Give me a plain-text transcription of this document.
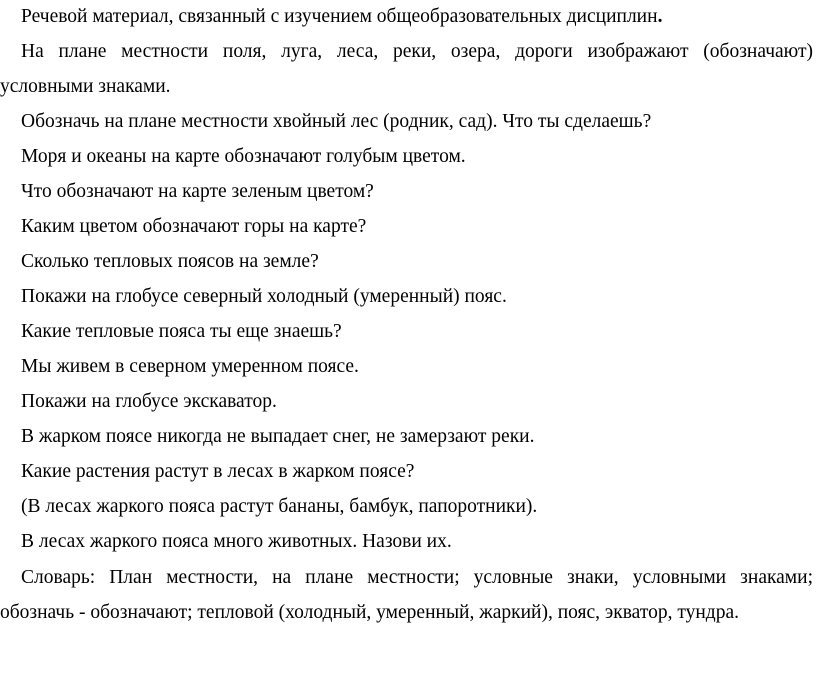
Речевой материал, связанный с изучением общеобразовательных дисциплин.
На плане местности поля, луга, леса, реки, озера, дороги изображают (обозначают)
условными знаками.
Обозначь на плане местности хвойный лес (родник, сад). Что ты сделаешь?
Моря и океаны на карте обозначают голубым цветом.
Что обозначают на карте зеленым цветом?
Каким цветом обозначают горы на карте?
Сколько тепловых поясов на земле?
Покажи на глобусе северный холодный (умеренный) пояс.
Какие тепловые пояса ты еще знаешь?
Мы живем в северном умеренном поясе.
Покажи на глобусе экскаватор.
В жарком поясе никогда не выпадает снег, не замерзают реки.
Какие растения растут в лесах в жарком поясе?
(В лесах жаркого пояса растут бананы, бамбук, папоротники).
В лесах жаркого пояса много животных. Назови их.
Словарь: План местности, на плане местности; условные знаки, условными знаками;
обозначь - обозначают; тепловой (холодный, умеренный, жаркий), пояс, экватор, тундра.
